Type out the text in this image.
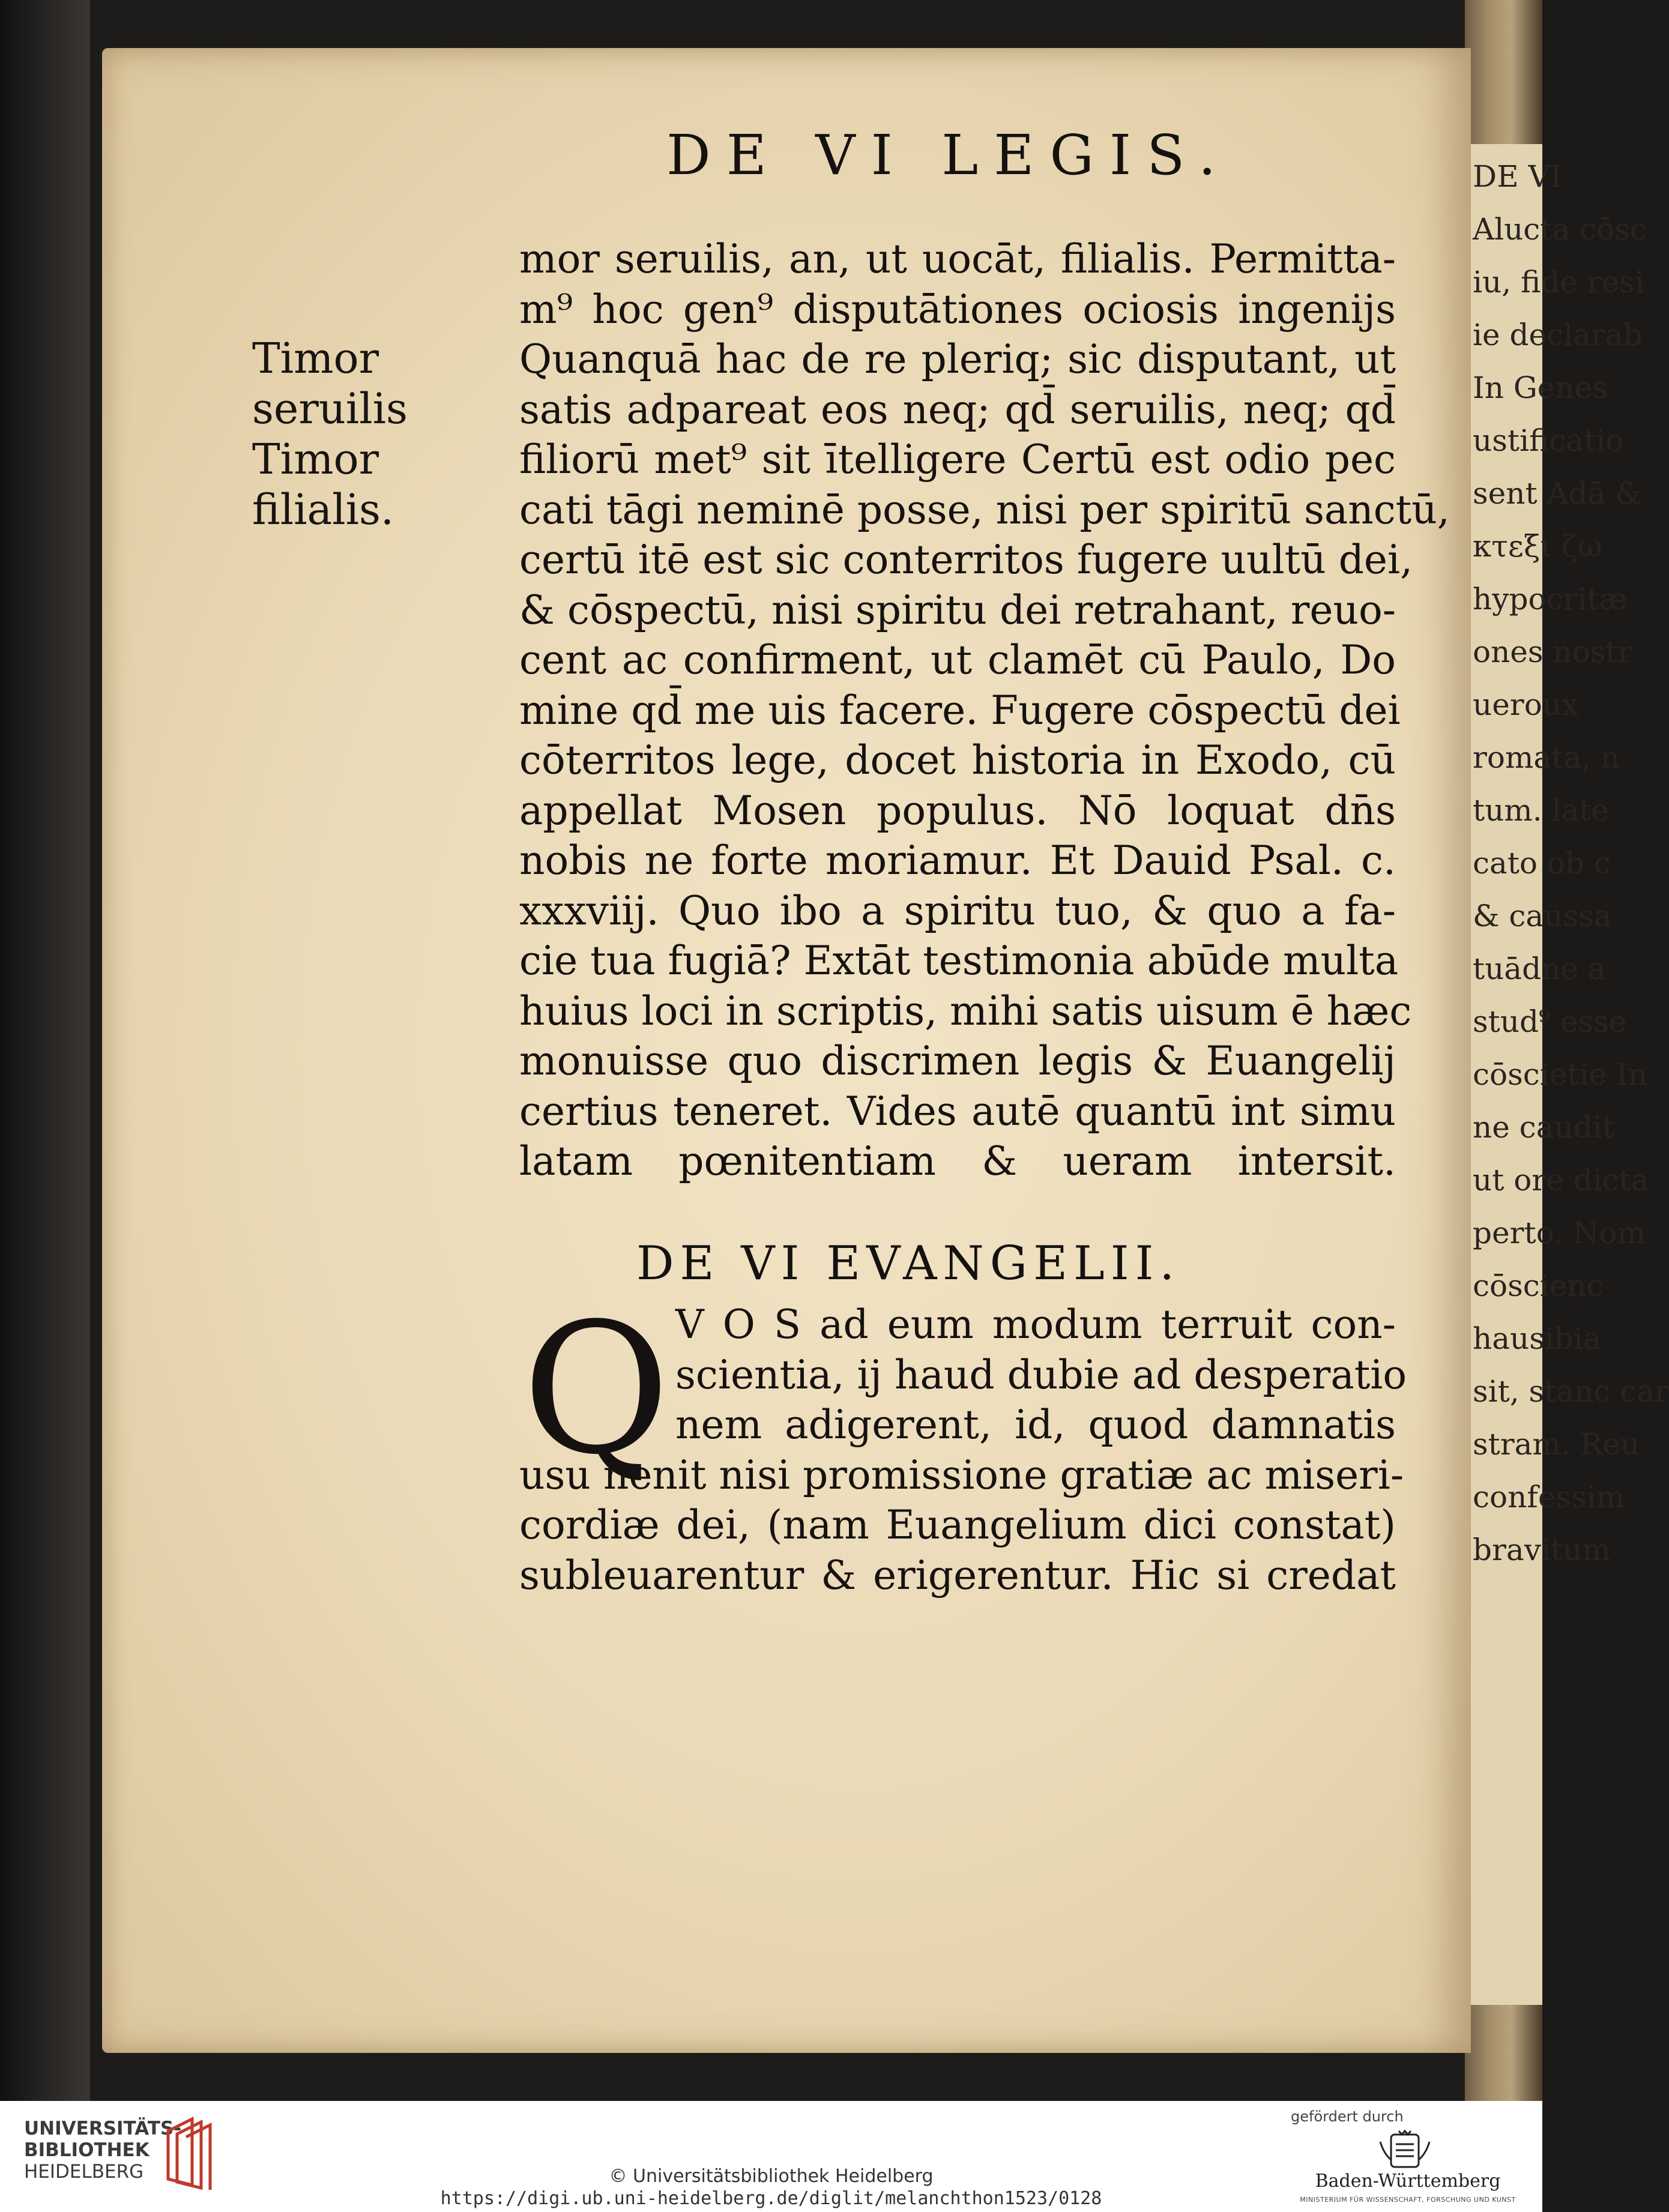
DE VI
Alucta cōsc
iu, fide resi
ie declarab
In Genes
ustificatio
sent Adā &
κτεξι ζω
hypocritæ
ones nostr
ueroux
romata, n
tum. late
cato ob c
& caussa
tuādne a
stud⁹ esse
cōscietie In
ne caudit
ut ore dicta
perto. Nom
cōscienc
hausibia
sit, stanc car
stram. Reu
confessim
bravitum
DE VI LEGIS.
Timor
seruilis
Timor
filialis.
mor seruilis, an, ut uocāt, filialis. Permitta-
m⁹ hoc gen⁹ disputātiones ociosis ingenijs
Quanquā hac de re pleriq; sic disputant, ut
satis adpareat eos neq; qd̄ seruilis, neq; qd̄
filiorū met⁹ sit ītelligere Certū est odio pec
cati tāgi neminē posse, nisi per spiritū sanctū,
certū itē est sic conterritos fugere uultū dei,
& cōspectū, nisi spiritu dei retrahant, reuo-
cent ac confirment, ut clamēt cū Paulo, Do
mine qd̄ me uis facere. Fugere cōspectū dei
cōterritos lege, docet historia in Exodo, cū
appellat Mosen populus. Nō loquat dn̄s
nobis ne forte moriamur. Et Dauid Psal. c.
xxxviij. Quo ibo a spiritu tuo, & quo a fa-
cie tua fugiā? Extāt testimonia abūde multa
huius loci in scriptis, mihi satis uisum ē hæc
monuisse quo discrimen legis & Euangelij
certius teneret. Vides autē quantū int simu
latam pœnitentiam & ueram intersit.
DE VI EVANGELII.
Q V O S ad eum modum terruit con-
scientia, ij haud dubie ad desperatio
nem adigerent, id, quod damnatis
usu nenit nisi promissione gratiæ ac miseri-
cordiæ dei, (nam Euangelium dici constat)
subleuarentur & erigerentur. Hic si credat
UNIVERSITÄTS-
BIBLIOTHEK
HEIDELBERG	© Universitätsbibliothek Heidelberg
https://digi.ub.uni-heidelberg.de/diglit/melanchthon1523/0128
gefördert durch
Baden-Württemberg
MINISTERIUM FÜR WISSENSCHAFT, FORSCHUNG UND KUNST
